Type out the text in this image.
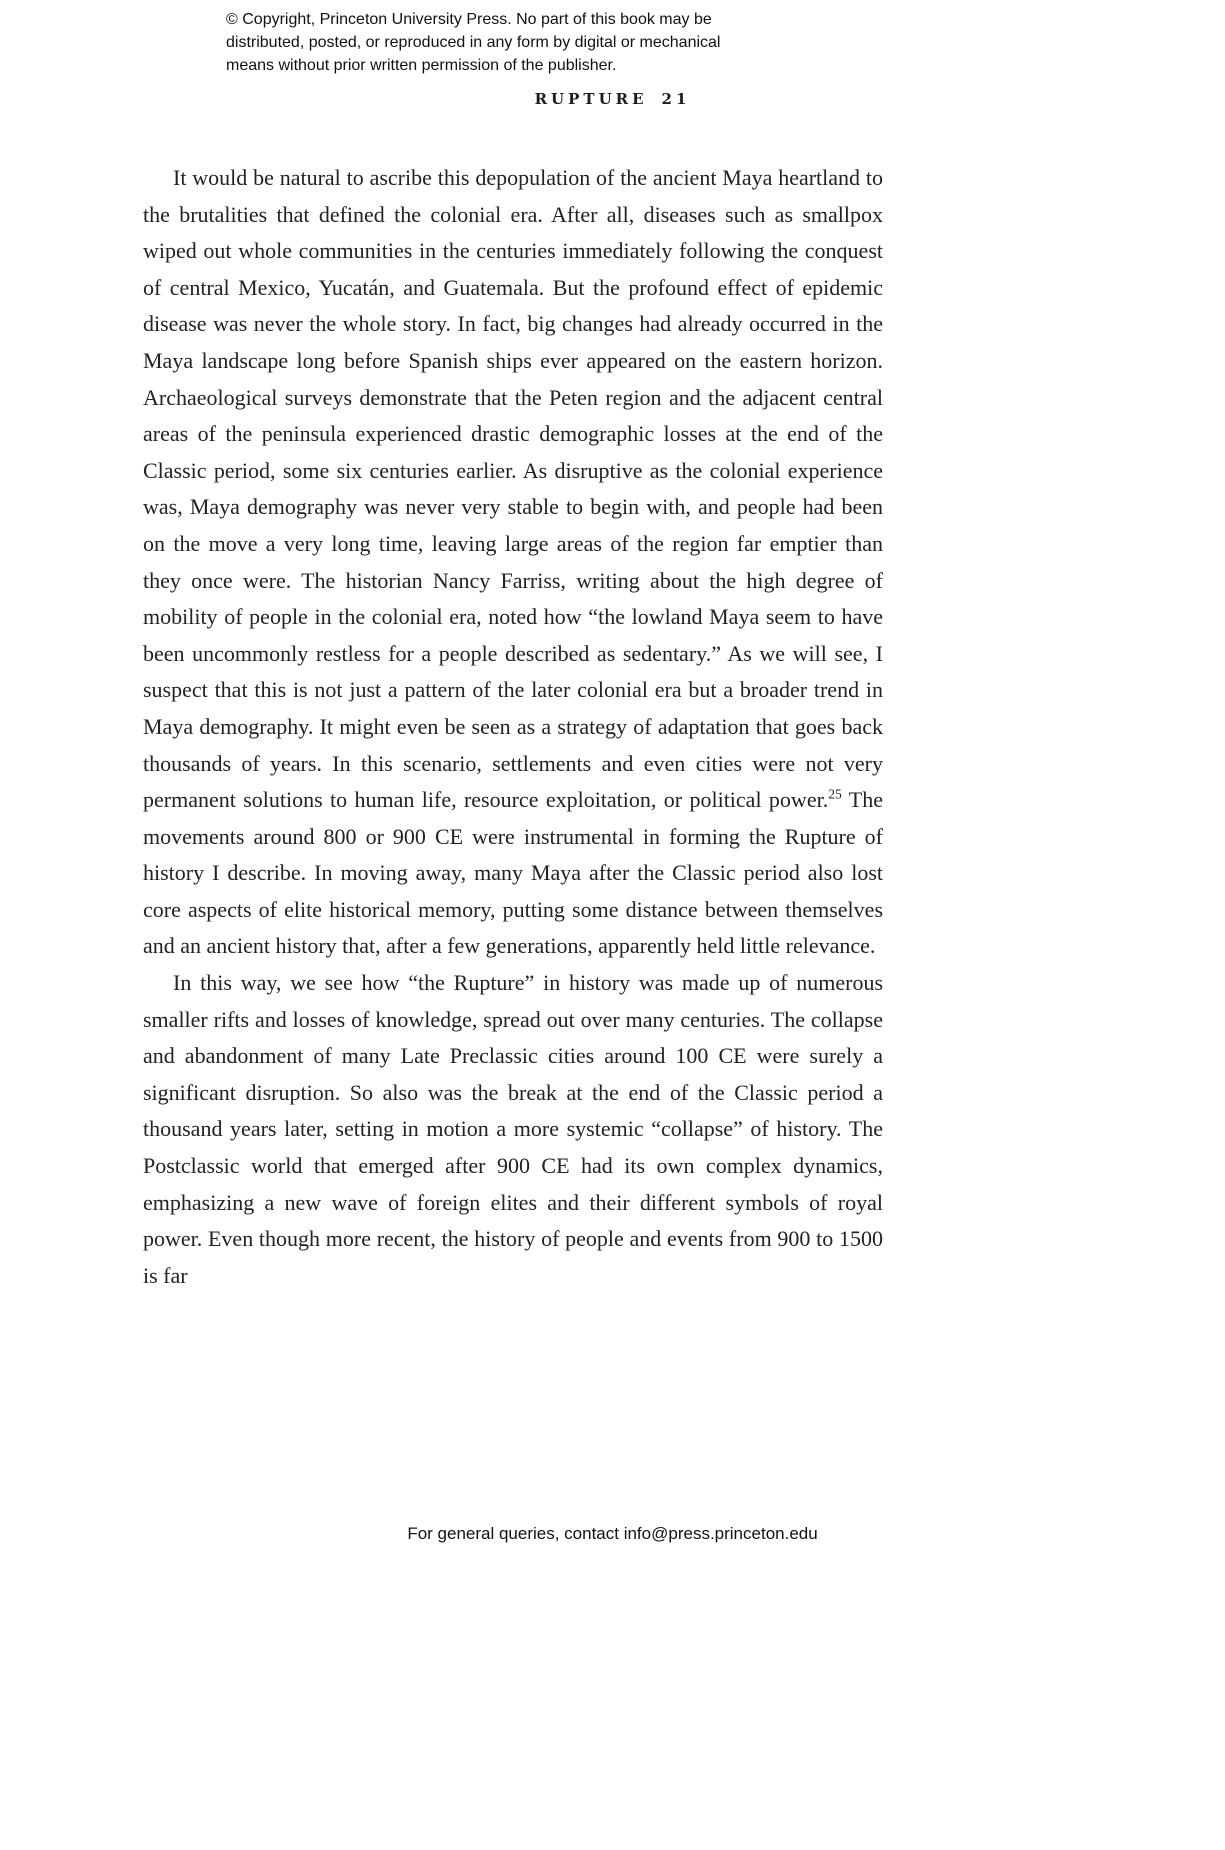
© Copyright, Princeton University Press. No part of this book may be
distributed, posted, or reproduced in any form by digital or mechanical
means without prior written permission of the publisher.
RUPTURE 21

It would be natural to ascribe this depopulation of the ancient Maya heartland to the brutalities that defined the colonial era. After all, diseases such as smallpox wiped out whole communities in the centuries immediately following the conquest of central Mexico, Yucatán, and Guatemala. But the profound effect of epidemic disease was never the whole story. In fact, big changes had already occurred in the Maya landscape long before Spanish ships ever appeared on the eastern horizon. Archaeological surveys demonstrate that the Peten region and the adjacent central areas of the peninsula experienced drastic demographic losses at the end of the Classic period, some six centuries earlier. As disruptive as the colonial experience was, Maya demography was never very stable to begin with, and people had been on the move a very long time, leaving large areas of the region far emptier than they once were. The historian Nancy Farriss, writing about the high degree of mobility of people in the colonial era, noted how “the lowland Maya seem to have been uncommonly restless for a people described as sedentary.” As we will see, I suspect that this is not just a pattern of the later colonial era but a broader trend in Maya demography. It might even be seen as a strategy of adaptation that goes back thousands of years. In this scenario, settlements and even cities were not very permanent solutions to human life, resource exploitation, or political power.$^{25}$ The movements around 800 or 900 CE were instrumental in forming the Rupture of history I describe. In moving away, many Maya after the Classic period also lost core aspects of elite historical memory, putting some distance between themselves and an ancient history that, after a few generations, apparently held little relevance.

In this way, we see how “the Rupture” in history was made up of numerous smaller rifts and losses of knowledge, spread out over many centuries. The collapse and abandonment of many Late Preclassic cities around 100 CE were surely a significant disruption. So also was the break at the end of the Classic period a thousand years later, setting in motion a more systemic “collapse” of history. The Postclassic world that emerged after 900 CE had its own complex dynamics, emphasizing a new wave of foreign elites and their different symbols of royal power. Even though more recent, the history of people and events from 900 to 1500 is far

For general queries, contact info@press.princeton.edu
